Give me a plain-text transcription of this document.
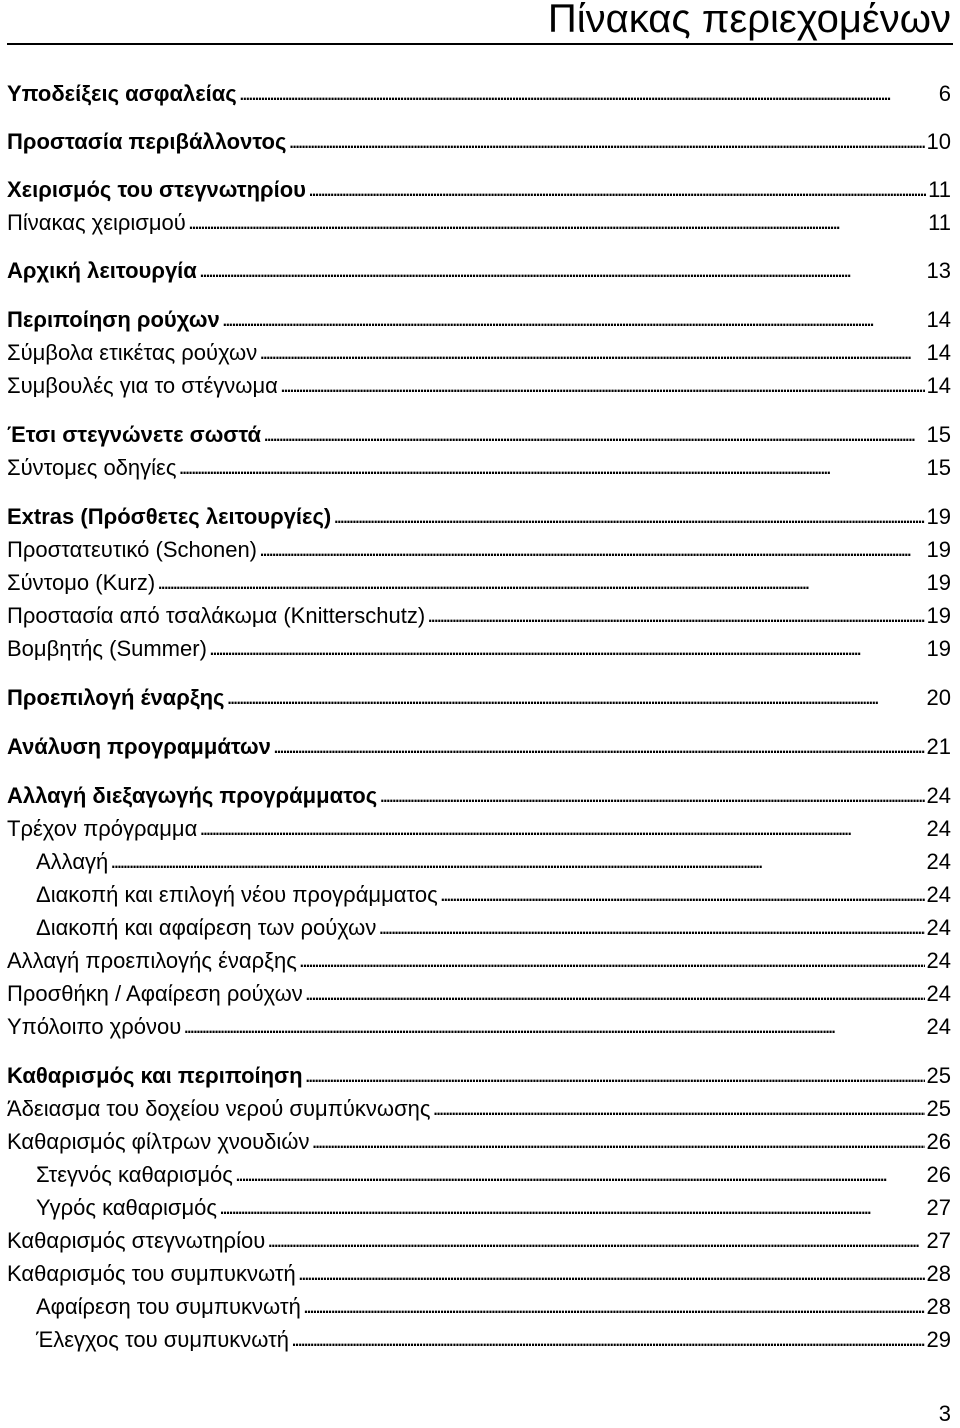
Πίνακας περιεχομένων
Υποδείξεις ασφαλείας . . .	6
Προστασία περιβάλλοντος . . .	10
Χειρισμός του στεγνωτηρίου . . .	11
Πίνακας χειρισμού . . .	11
Αρχική λειτουργία . . .	13
Περιποίηση ρούχων . . .	14
Σύμβολα ετικέτας ρούχων . . .	14
Συμβουλές για το στέγνωμα . . .	14
Έτσι στεγνώνετε σωστά . . .	15
Σύντομες οδηγίες . . .	15
Extras (Πρόσθετες λειτουργίες) . . .	19
Προστατευτικό (Schonen) . . .	19
Σύντομο (Kurz) . . .	19
Προστασία από τσαλάκωμα (Knitterschutz) . . .	19
Βομβητής (Summer) . . .	19
Προεπιλογή έναρξης . . .	20
Ανάλυση προγραμμάτων . . .	21
Αλλαγή διεξαγωγής προγράμματος . . .	24
Τρέχον πρόγραμμα . . .	24
Αλλαγή . . .	24
Διακοπή και επιλογή νέου προγράμματος . . .	24
Διακοπή και αφαίρεση των ρούχων . . .	24
Αλλαγή προεπιλογής έναρξης . . .	24
Προσθήκη / Αφαίρεση ρούχων . . .	24
Υπόλοιπο χρόνου . . .	24
Καθαρισμός και περιποίηση . . .	25
Άδειασμα του δοχείου νερού συμπύκνωσης . . .	25
Καθαρισμός φίλτρων χνουδιών . . .	26
Στεγνός καθαρισμός . . .	26
Υγρός καθαρισμός . . .	27
Καθαρισμός στεγνωτηρίου . . .	27
Καθαρισμός του συμπυκνωτή . . .	28
Αφαίρεση του συμπυκνωτή . . .	28
Έλεγχος του συμπυκνωτή . . .	29
3
